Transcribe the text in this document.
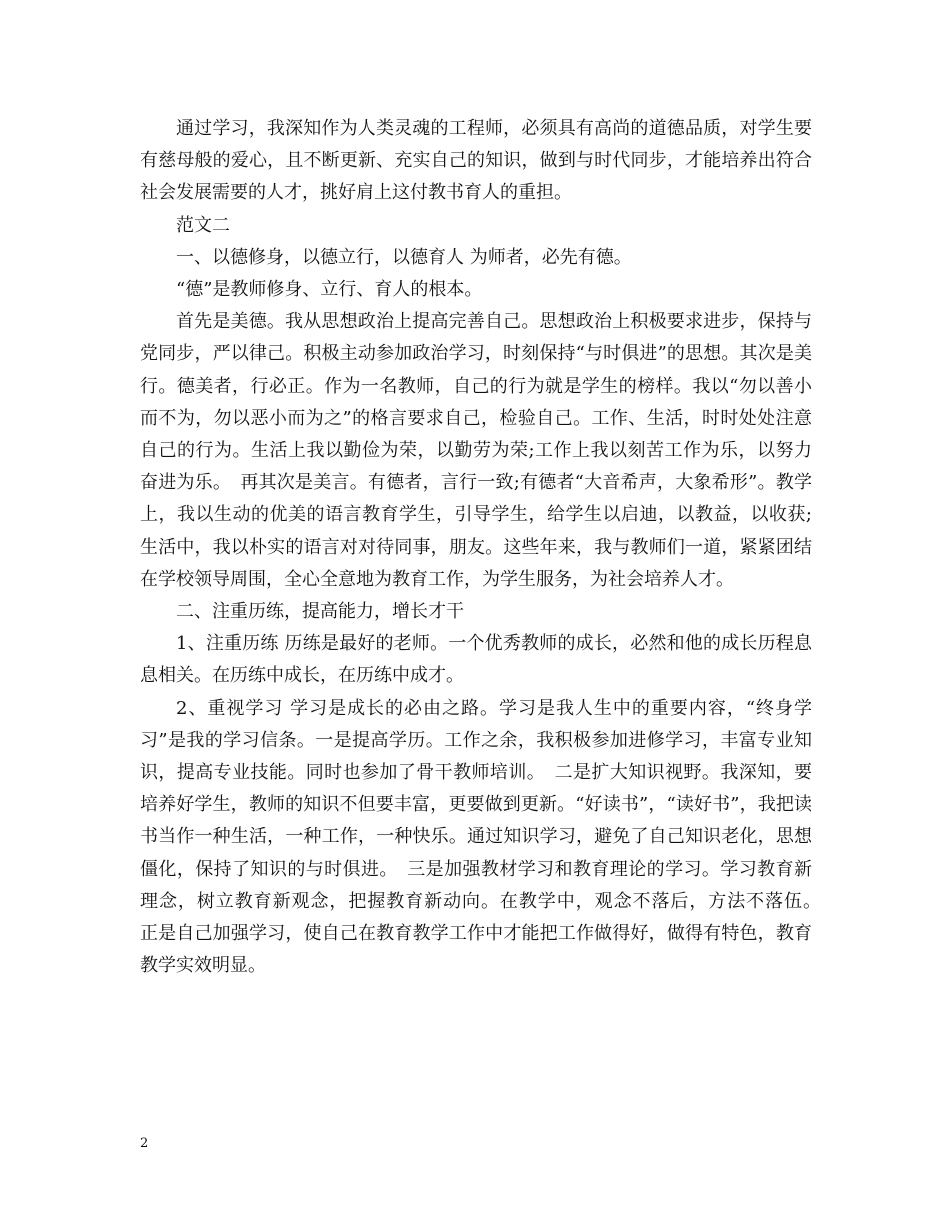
通过学习，我深知作为人类灵魂的工程师，必须具有高尚的道德品质，对学生要有慈母般的爱心，且不断更新、充实自己的知识，做到与时代同步，才能培养出符合社会发展需要的人才，挑好肩上这付教书育人的重担。

范文二

一、以德修身，以德立行，以德育人 为师者，必先有德。

“德”是教师修身、立行、育人的根本。

首先是美德。我从思想政治上提高完善自己。思想政治上积极要求进步，保持与党同步，严以律己。积极主动参加政治学习，时刻保持“与时俱进”的思想。其次是美行。德美者，行必正。作为一名教师，自己的行为就是学生的榜样。我以“勿以善小而不为，勿以恶小而为之”的格言要求自己，检验自己。工作、生活，时时处处注意自己的行为。生活上我以勤俭为荣，以勤劳为荣;工作上我以刻苦工作为乐，以努力奋进为乐。　再其次是美言。有德者，言行一致;有德者“大音希声，大象希形”。教学上，我以生动的优美的语言教育学生，引导学生，给学生以启迪，以教益，以收获;生活中，我以朴实的语言对对待同事，朋友。这些年来，我与教师们一道，紧紧团结在学校领导周围，全心全意地为教育工作，为学生服务，为社会培养人才。

二、注重历练，提高能力，增长才干

1、注重历练 历练是最好的老师。一个优秀教师的成长，必然和他的成长历程息息相关。在历练中成长，在历练中成才。

2、重视学习 学习是成长的必由之路。学习是我人生中的重要内容，“终身学习”是我的学习信条。一是提高学历。工作之余，我积极参加进修学习，丰富专业知识，提高专业技能。同时也参加了骨干教师培训。　二是扩大知识视野。我深知，要培养好学生，教师的知识不但要丰富，更要做到更新。“好读书”，“读好书”，我把读书当作一种生活，一种工作，一种快乐。通过知识学习，避免了自己知识老化，思想僵化，保持了知识的与时俱进。　三是加强教材学习和教育理论的学习。学习教育新理念，树立教育新观念，把握教育新动向。在教学中，观念不落后，方法不落伍。　正是自己加强学习，使自己在教育教学工作中才能把工作做得好，做得有特色，教育教学实效明显。

2
